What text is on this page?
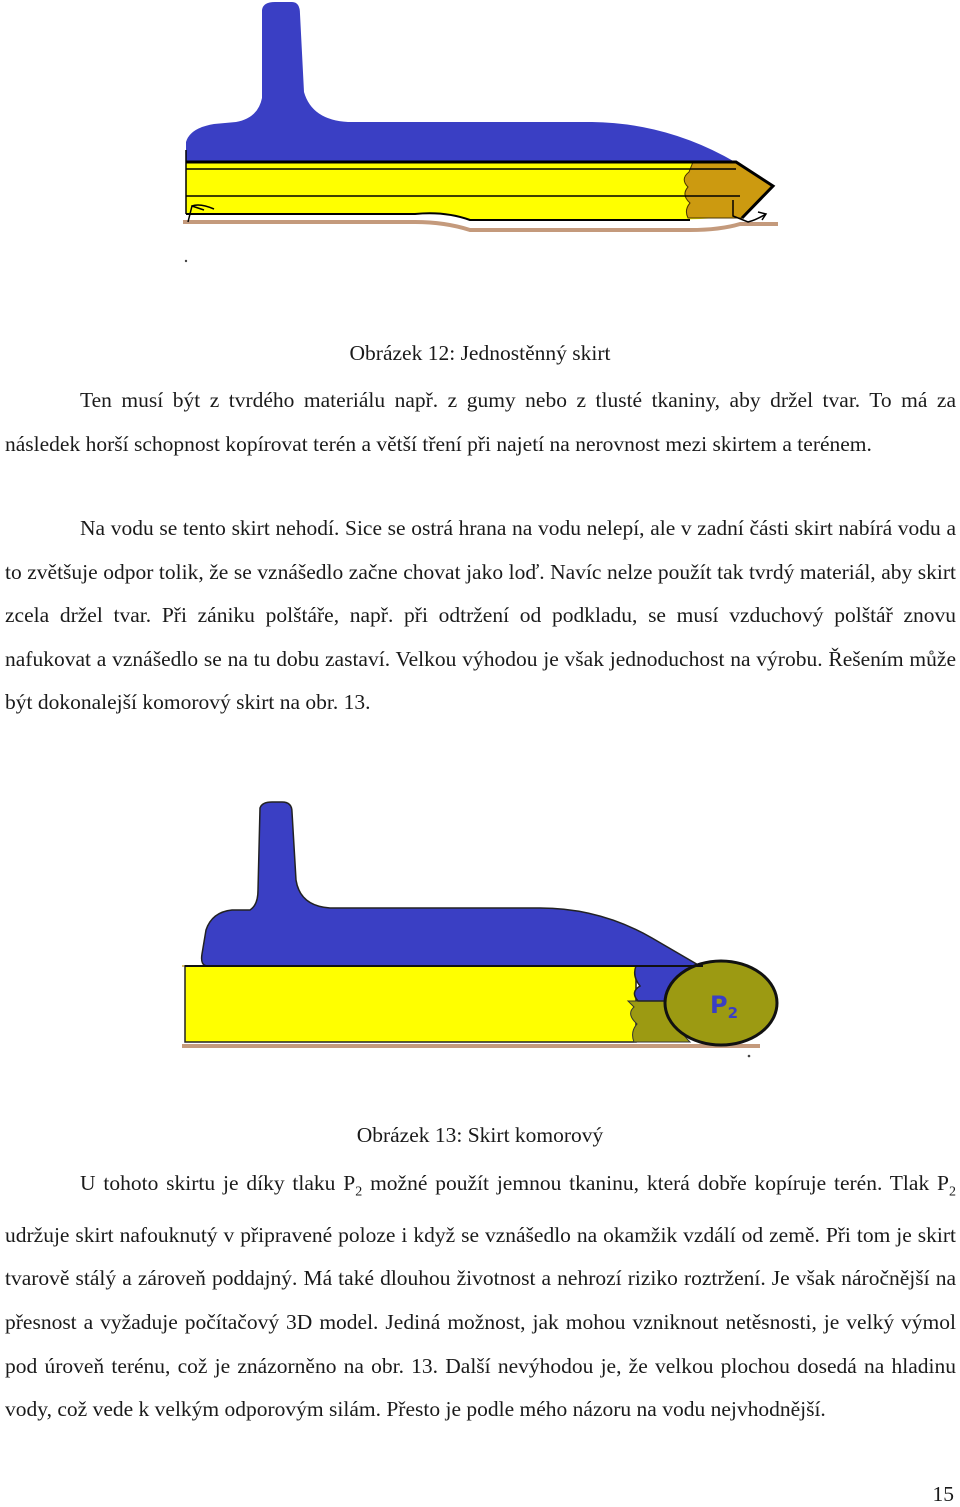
Obrázek 12: Jednostěnný skirt

Ten musí být z tvrdého materiálu např. z gumy nebo z tlusté tkaniny, aby držel tvar. To má za následek horší schopnost kopírovat terén a větší tření při najetí na nerovnost mezi skirtem a terénem.

Na vodu se tento skirt nehodí. Sice se ostrá hrana na vodu nelepí, ale v zadní části skirt nabírá vodu a to zvětšuje odpor tolik, že se vznášedlo začne chovat jako loď. Navíc nelze použít tak tvrdý materiál, aby skirt zcela držel tvar. Při zániku polštáře, např. při odtržení od podkladu, se musí vzduchový polštář znovu nafukovat a vznášedlo se na tu dobu zastaví. Velkou výhodou je však jednoduchost na výrobu. Řešením může být dokonalejší komorový skirt na obr. 13.

$P_2$
Obrázek 13: Skirt komorový

U tohoto skirtu je díky tlaku $P_2$ možné použít jemnou tkaninu, která dobře kopíruje terén. Tlak $P_2$ udržuje skirt nafouknutý v připravené poloze i když se vznášedlo na okamžik vzdálí od země. Při tom je skirt tvarově stálý a zároveň poddajný. Má také dlouhou životnost a nehrozí riziko roztržení. Je však náročnější na přesnost a vyžaduje počítačový 3D model. Jediná možnost, jak mohou vzniknout netěsnosti, je velký výmol pod úroveň terénu, což je znázorněno na obr. 13. Další nevýhodou je, že velkou plochou dosedá na hladinu vody, což vede k velkým odporovým silám. Přesto je podle mého názoru na vodu nejvhodnější.

15
